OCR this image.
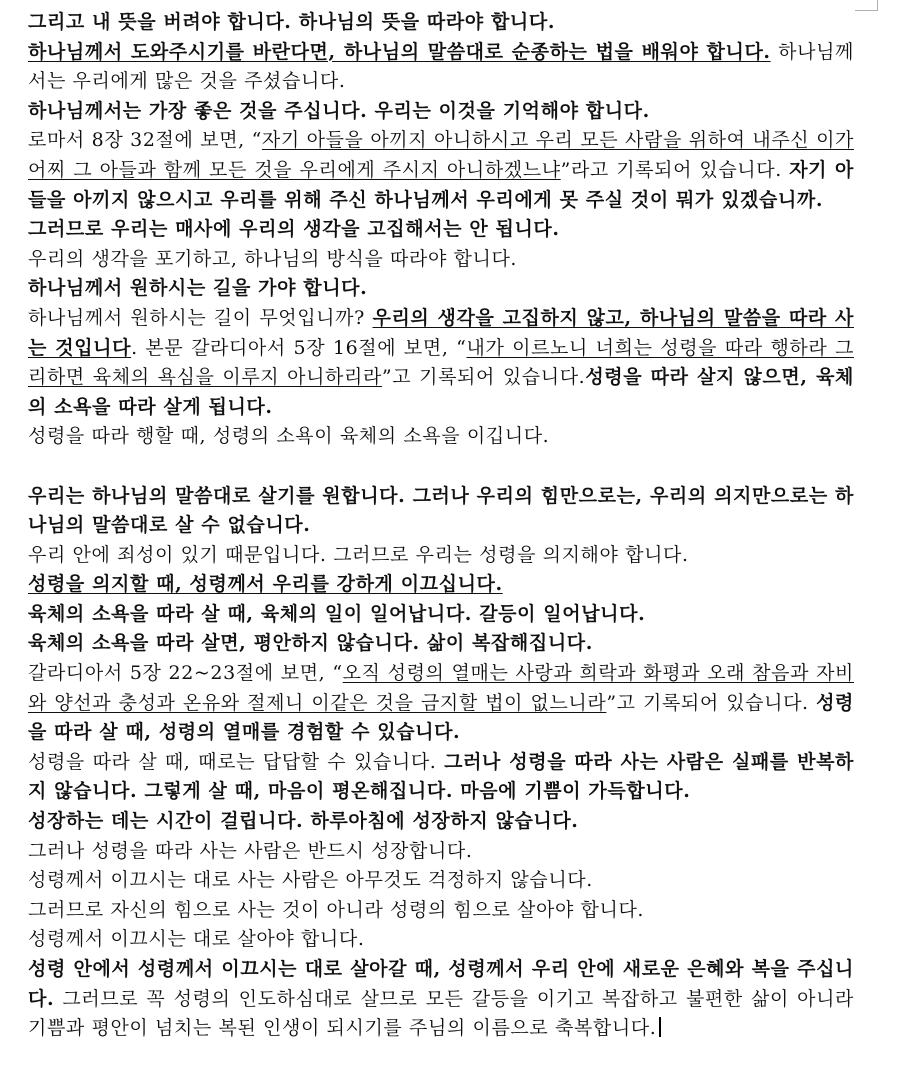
그리고 내 뜻을 버려야 합니다. 하나님의 뜻을 따라야 합니다.

하나님께서 도와주시기를 바란다면, 하나님의 말씀대로 순종하는 법을 배워야 합니다. 하나님께서는 우리에게 많은 것을 주셨습니다.

하나님께서는 가장 좋은 것을 주십니다. 우리는 이것을 기억해야 합니다.

로마서 8장 32절에 보면, “자기 아들을 아끼지 아니하시고 우리 모든 사람을 위하여 내주신 이가 어찌 그 아들과 함께 모든 것을 우리에게 주시지 아니하겠느냐”라고 기록되어 있습니다. 자기 아들을 아끼지 않으시고 우리를 위해 주신 하나님께서 우리에게 못 주실 것이 뭐가 있겠습니까.

그러므로 우리는 매사에 우리의 생각을 고집해서는 안 됩니다.

우리의 생각을 포기하고, 하나님의 방식을 따라야 합니다.

하나님께서 원하시는 길을 가야 합니다.

하나님께서 원하시는 길이 무엇입니까? 우리의 생각을 고집하지 않고, 하나님의 말씀을 따라 사는 것입니다. 본문 갈라디아서 5장 16절에 보면, “내가 이르노니 너희는 성령을 따라 행하라 그리하면 육체의 욕심을 이루지 아니하리라”고 기록되어 있습니다.성령을 따라 살지 않으면, 육체의 소욕을 따라 살게 됩니다.

성령을 따라 행할 때, 성령의 소욕이 육체의 소욕을 이깁니다.

우리는 하나님의 말씀대로 살기를 원합니다. 그러나 우리의 힘만으로는, 우리의 의지만으로는 하나님의 말씀대로 살 수 없습니다.

우리 안에 죄성이 있기 때문입니다. 그러므로 우리는 성령을 의지해야 합니다.

성령을 의지할 때, 성령께서 우리를 강하게 이끄십니다.

육체의 소욕을 따라 살 때, 육체의 일이 일어납니다. 갈등이 일어납니다.

육체의 소욕을 따라 살면, 평안하지 않습니다. 삶이 복잡해집니다.

갈라디아서 5장 22~23절에 보면, “오직 성령의 열매는 사랑과 희락과 화평과 오래 참음과 자비와 양선과 충성과 온유와 절제니 이같은 것을 금지할 법이 없느니라”고 기록되어 있습니다. 성령을 따라 살 때, 성령의 열매를 경험할 수 있습니다.

성령을 따라 살 때, 때로는 답답할 수 있습니다. 그러나 성령을 따라 사는 사람은 실패를 반복하지 않습니다. 그렇게 살 때, 마음이 평온해집니다. 마음에 기쁨이 가득합니다.

성장하는 데는 시간이 걸립니다. 하루아침에 성장하지 않습니다.

그러나 성령을 따라 사는 사람은 반드시 성장합니다.

성령께서 이끄시는 대로 사는 사람은 아무것도 걱정하지 않습니다.

그러므로 자신의 힘으로 사는 것이 아니라 성령의 힘으로 살아야 합니다.

성령께서 이끄시는 대로 살아야 합니다.

성령 안에서 성령께서 이끄시는 대로 살아갈 때, 성령께서 우리 안에 새로운 은혜와 복을 주십니다. 그러므로 꼭 성령의 인도하심대로 살므로 모든 갈등을 이기고 복잡하고 불편한 삶이 아니라 기쁨과 평안이 넘치는 복된 인생이 되시기를 주님의 이름으로 축복합니다.
